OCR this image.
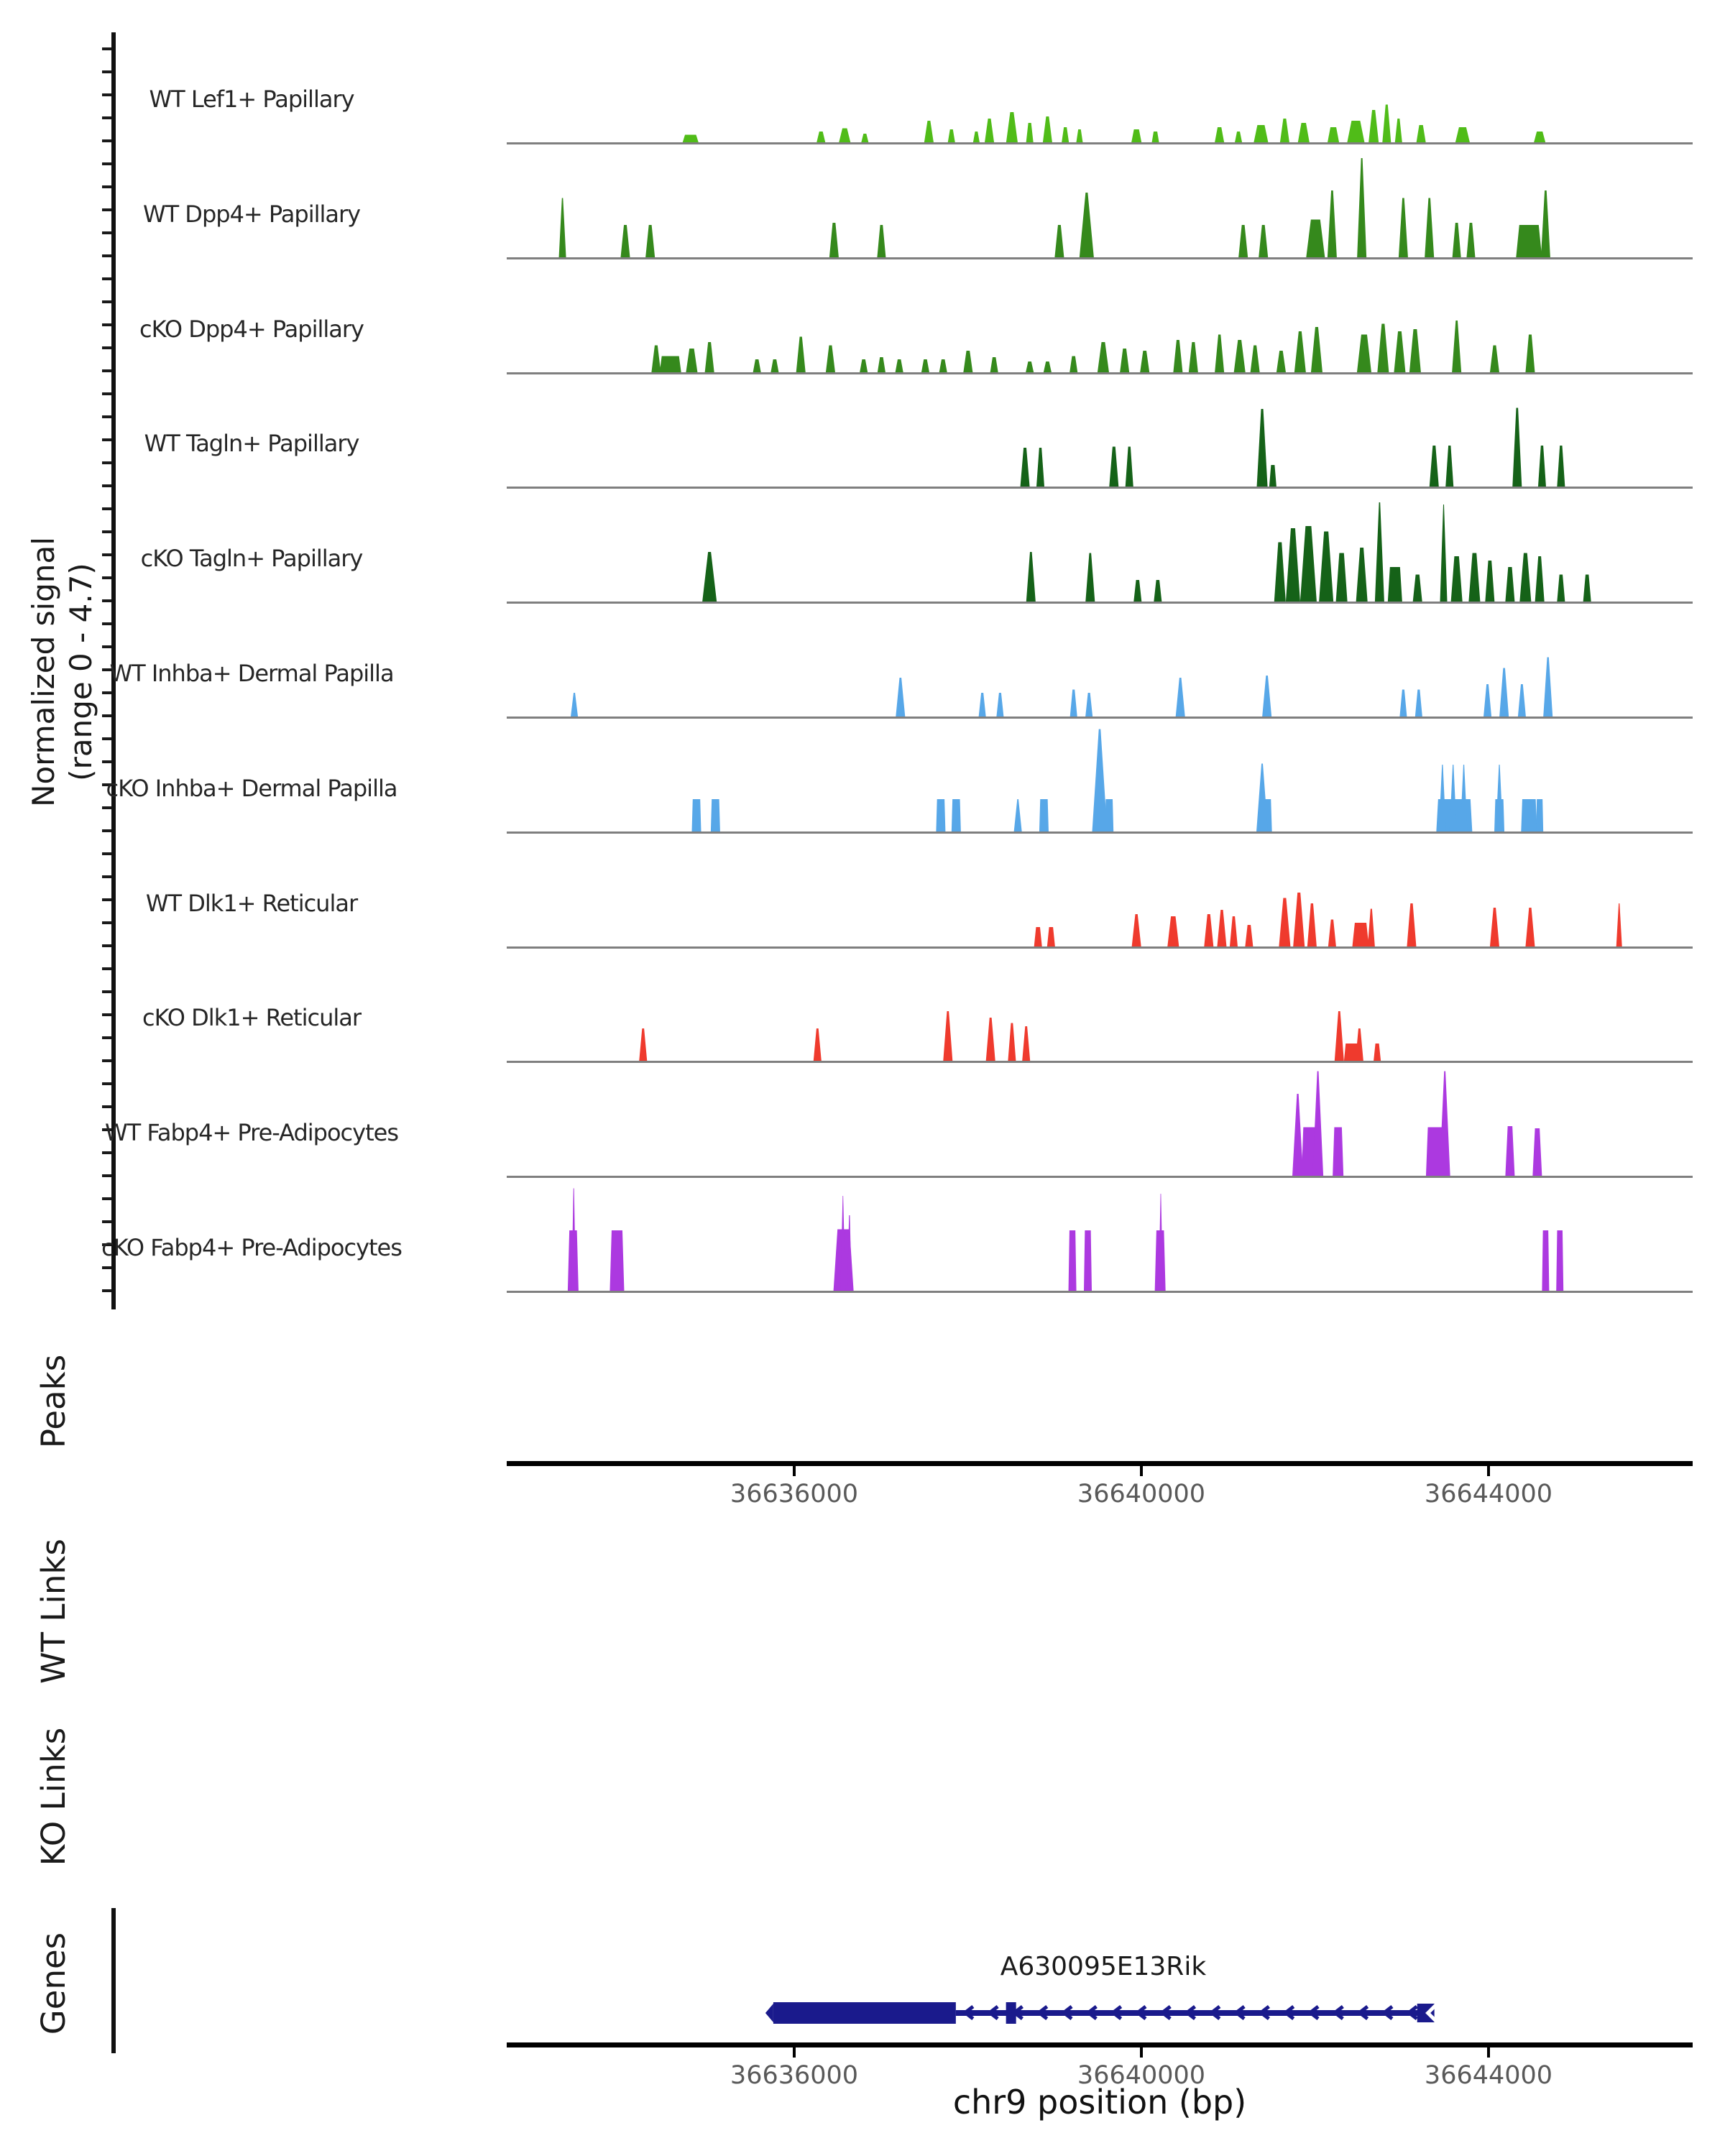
Normalized signal (range 0 - 4.7)
WT Lef1+ Papillary
WT Dpp4+ Papillary
cKO Dpp4+ Papillary
WT Tagln+ Papillary
cKO Tagln+ Papillary
WT Inhba+ Dermal Papilla
cKO Inhba+ Dermal Papilla
WT Dlk1+ Reticular
cKO Dlk1+ Reticular
WT Fabp4+ Pre-Adipocytes
cKO Fabp4+ Pre-Adipocytes
Peaks
WT Links
KO Links
Genes
36636000	36640000	36644000
A630095E13Rik
36636000	36640000	36644000
chr9 position (bp)
